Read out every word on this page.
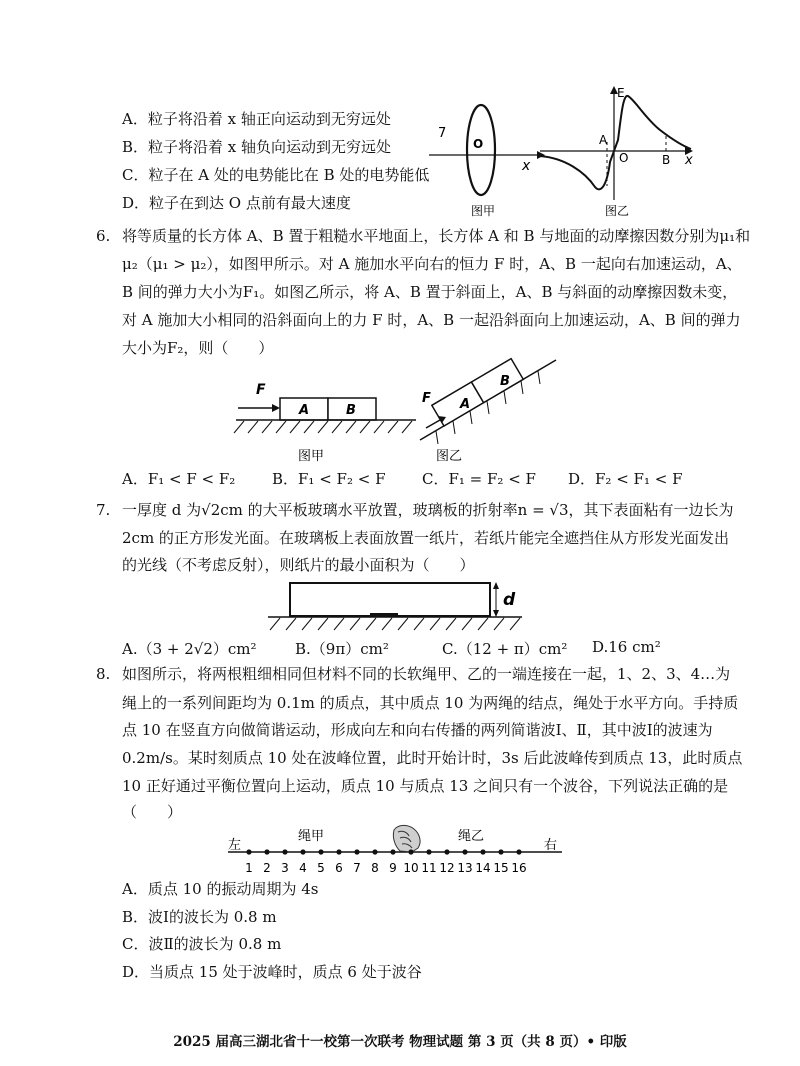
A．粒子将沿着 x 轴正向运动到无穷远处
B．粒子将沿着 x 轴负向运动到无穷远处
C．粒子在 A 处的电势能比在 B 处的电势能低
D．粒子在到达 O 点前有最大速度
7
O
x
图甲
E
A
O	B x
图乙
6. 将等质量的长方体 A、B 置于粗糙水平地面上，长方体 A 和 B 与地面的动摩擦因数分别为μ₁和
μ₂（μ₁ > μ₂），如图甲所示。对 A 施加水平向右的恒力 F 时，A、B 一起向右加速运动，A、
B 间的弹力大小为F₁。如图乙所示，将 A、B 置于斜面上，A、B 与斜面的动摩擦因数未变，
对 A 施加大小相同的沿斜面向上的力 F 时，A、B 一起沿斜面向上加速运动，A、B 间的弹力
大小为F₂，则（　　）
F
A	B
图甲
A
B
F
图乙
A．F₁ < F < F₂ B．F₁ < F₂ < F C．F₁ = F₂ < F D．F₂ < F₁ < F
7. 一厚度 d 为√2cm 的大平板玻璃水平放置，玻璃板的折射率n = √3，其下表面粘有一边长为
2cm 的正方形发光面。在玻璃板上表面放置一纸片，若纸片能完全遮挡住从方形发光面发出
的光线（不考虑反射），则纸片的最小面积为（　　）
d
A.（3 + 2√2）cm²	B.（9π）cm²	C.（12 + π）cm² D.16 cm²
8. 如图所示，将两根粗细相同但材料不同的长软绳甲、乙的一端连接在一起，1、2、3、4…为
绳上的一系列间距均为 0.1m 的质点，其中质点 10 为两绳的结点，绳处于水平方向。手持质
点 10 在竖直方向做简谐运动，形成向左和向右传播的两列简谐波Ⅰ、Ⅱ，其中波Ⅰ的波速为
0.2m/s。某时刻质点 10 处在波峰位置，此时开始计时，3s 后此波峰传到质点 13，此时质点
10 正好通过平衡位置向上运动，质点 10 与质点 13 之间只有一个波谷，下列说法正确的是
（　　）
左	右
绳甲	绳乙
1 2 3 4 5 6 7 8 9 10 11 12 13 14 15 16
A．质点 10 的振动周期为 4s
B．波Ⅰ的波长为 0.8 m
C．波Ⅱ的波长为 0.8 m
D．当质点 15 处于波峰时，质点 6 处于波谷
2025 届高三湖北省十一校第一次联考 物理试题 第 3 页（共 8 页）• 印版
